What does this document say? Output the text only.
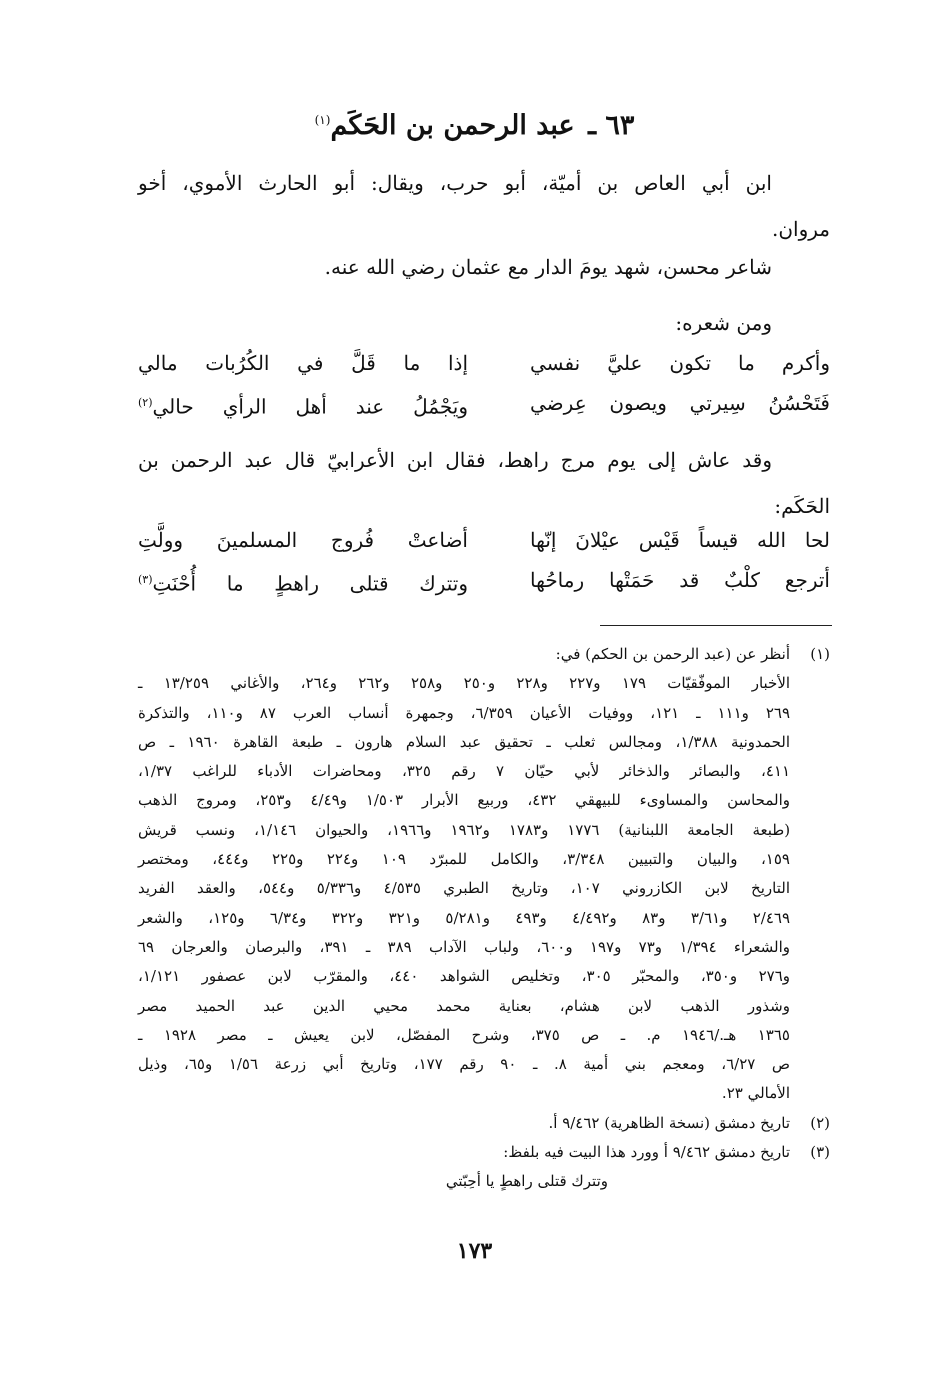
٦٣ ـ عبد الرحمن بن الحَكَم$^{(١)}$
ابن أبي العاص بن أميّة، أبو حرب، ويقال: أبو الحارث الأموي، أخو
مروان.
شاعر محسن، شهد يومَ الدار مع عثمان رضي الله عنه.
ومن شعره:
وأكرم ما تكون عليَّ نفسي
إذا ما قَلَّ في الكُرُبات مالي
فَتَحْسُنُ سِيرتي ويصون عِرضي
ويَجْمُلُ عند أهل الرأي حالي$^{(٢)}$
وقد عاش إلى يوم مرج راهط، فقال ابن الأعرابيّ قال عبد الرحمن بن
الحَكَم:
لحا الله قيساً قَيْس عيْلانَ إنّها
أضاعتْ فُروج المسلمينَ وولَّتِ
أترجع كلْبٌ قد حَمَتْها رماحُها
وتترك قتلى راهطٍ ما أُحْنَتِ$^{(٣)}$
(١)
أنظر عن (عبد الرحمن بن الحكم) في:
الأخبار الموفّقيّات ١٧٩ و٢٢٧ و٢٢٨ و٢٥٠ و٢٥٨ و٢٦٢ و٢٦٤، والأغاني ١٣/٢٥٩ ـ
٢٦٩ و١١١ ـ ١٢١، ووفيات الأعيان ٦/٣٥٩، وجمهرة أنساب العرب ٨٧ و١١٠، والتذكرة
الحمدونية ١/٣٨٨، ومجالس ثعلب ـ تحقيق عبد السلام هارون ـ طبعة القاهرة ١٩٦٠ ـ ص
٤١١، والبصائر والذخائر لأبي حيّان ٧ رقم ٣٢٥، ومحاضرات الأدباء للراغب ١/٣٧،
والمحاسن والمساوىء للبيهقي ٤٣٢، وربيع الأبرار ١/٥٠٣ و٤/٤٩ و٢٥٣، ومروج الذهب
(طبعة الجامعة اللبنانية) ١٧٧٦ و١٧٨٣ و١٩٦٢ و١٩٦٦، والحيوان ١/١٤٦، ونسب قريش
١٥٩، والبيان والتبيين ٣/٣٤٨، والكامل للمبرّد ١٠٩ و٢٢٤ و٢٢٥ و٤٤٤، ومختصر
التاريخ لابن الكازروني ١٠٧، وتاريخ الطبري ٤/٥٣٥ و٥/٣٣٦ و٥٤٤، والعقد الفريد
٢/٤٦٩ و٣/٦١ و٨٣ و٤/٤٩٢ و٤٩٣ و٥/٢٨١ و٣٢١ و٣٢٢ و٦/٣٤ و١٢٥، والشعر
والشعراء ١/٣٩٤ و٧٣ و١٩٧ و٦٠٠، ولباب الآداب ٣٨٩ ـ ٣٩١، والبرصان والعرجان ٦٩
و٢٧٦ و٣٥٠، والمحبّر ٣٠٥، وتخليص الشواهد ٤٤٠، والمقرّب لابن عصفور ١/١٢١،
وشذور الذهب لابن هشام، بعناية محمد محيي الدين عبد الحميد مصر
١٣٦٥ هـ./١٩٤٦ م. ـ ص ٣٧٥، وشرح المفصّل، لابن يعيش ـ مصر ١٩٢٨ ـ
ص ٦/٢٧، ومعجم بني أمية ٨. ـ ٩٠ رقم ١٧٧، وتاريخ أبي زرعة ١/٥٦ و٦٥، وذيل
الأمالي ٢٣.
(٢)
تاريخ دمشق (نسخة الظاهرية) ٩/٤٦٢ أ.
(٣)
تاريخ دمشق ٩/٤٦٢ أ وورد هذا البيت فيه بلفظ:
وتترك قتلى راهطٍ يا أحِبّتي
١٧٣
